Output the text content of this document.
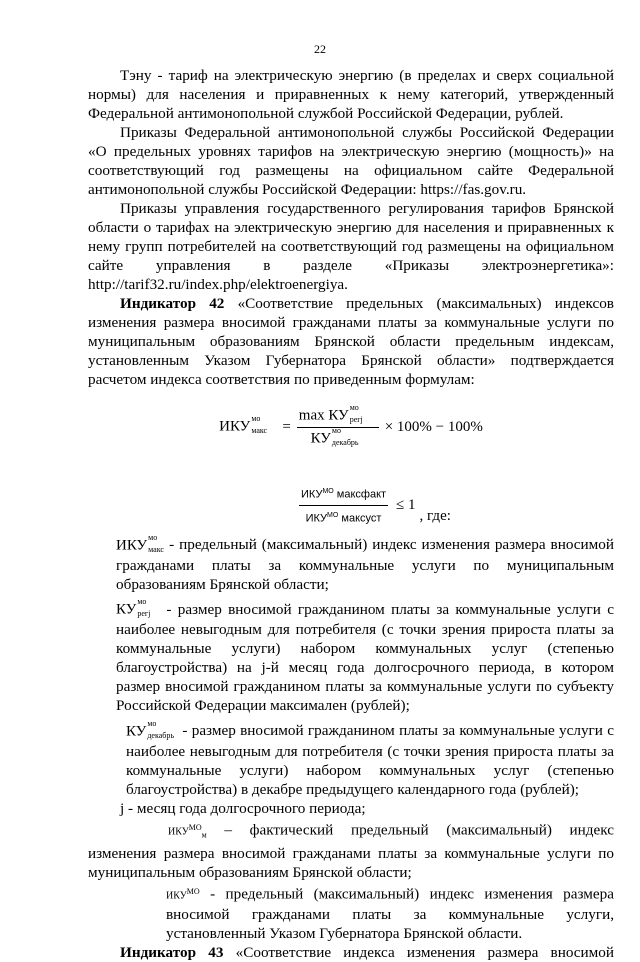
22

Тэну - тариф на электрическую энергию (в пределах и сверх социальной нормы) для населения и приравненных к нему категорий, утвержденный Федеральной антимонопольной службой Российской Федерации, рублей.

Приказы Федеральной антимонопольной службы Российской Федерации «О предельных уровнях тарифов на электрическую энергию (мощность)» на соответствующий год размещены на официальном сайте Федеральной антимонопольной службы Российской Федерации: https://fas.gov.ru.

Приказы управления государственного регулирования тарифов Брянской области о тарифах на электрическую энергию для населения и приравненных к нему групп потребителей на соответствующий год размещены на официальном сайте управления в разделе «Приказы электроэнергетика»: http://tarif32.ru/index.php/elektroenergiya.

Индикатор 42 «Соответствие предельных (максимальных) индексов изменения размера вносимой гражданами платы за коммунальные услуги по муниципальным образованиям Брянской области предельным индексам, установленным Указом Губернатора Брянской области» подтверждается расчетом индекса соответствия по приведенным формулам:

ИКУ мо
макс = max КУ мо
регj
КУ мо
декабрь × 100% − 100%
$\frac{ИКУ^{МО} максфакт}{ИКУ^{МО} максуст} \le 1$
, где:

ИКУ мо
макс - предельный (максимальный) индекс изменения размера вносимой гражданами платы за коммунальные услуги по муниципальным образованиям Брянской области;

КУ мо
регj - размер вносимой гражданином платы за коммунальные услуги с наиболее невыгодным для потребителя (с точки зрения прироста платы за коммунальные услуги) набором коммунальных услуг (степенью благоустройства) на j-й месяц года долгосрочного периода, в котором размер вносимой гражданином платы за коммунальные услуги по субъекту Российской Федерации максимален (рублей);

КУ мо
декабрь - размер вносимой гражданином платы за коммунальные услуги с наиболее невыгодным для потребителя (с точки зрения прироста платы за коммунальные услуги) набором коммунальных услуг (степенью благоустройства) в декабре предыдущего календарного года (рублей);

j - месяц года долгосрочного периода;

$ИКУ^{МО}_м$ – фактический предельный (максимальный) индекс изменения размера вносимой гражданами платы за коммунальные услуги по муниципальным образованиям Брянской области;

$ИКУ^{МО}$ - предельный (максимальный) индекс изменения размера вносимой гражданами платы за коммунальные услуги, установленный Указом Губернатора Брянской области.

Индикатор 43 «Соответствие индекса изменения размера вносимой
